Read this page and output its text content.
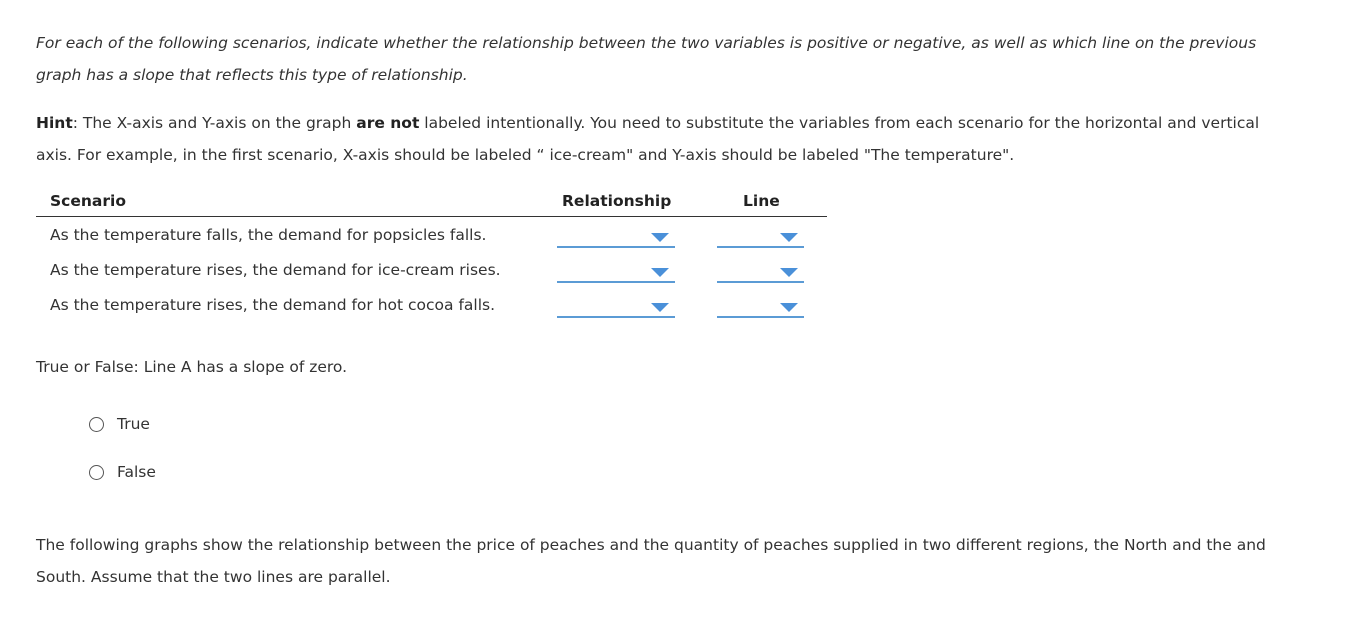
For each of the following scenarios, indicate whether the relationship between the two variables is positive or negative, as well as which line on the previous graph has a slope that reflects this type of relationship.

Hint: The X-axis and Y-axis on the graph are not labeled intentionally. You need to substitute the variables from each scenario for the horizontal and vertical axis. For example, in the first scenario, X-axis should be labeled “ ice-cream" and Y-axis should be labeled "The temperature".

Scenario	Relationship	Line
As the temperature falls, the demand for popsicles falls.
As the temperature rises, the demand for ice-cream rises.
As the temperature rises, the demand for hot cocoa falls.

True or False: Line A has a slope of zero.

True
False

The following graphs show the relationship between the price of peaches and the quantity of peaches supplied in two different regions, the North and the and South. Assume that the two lines are parallel.
